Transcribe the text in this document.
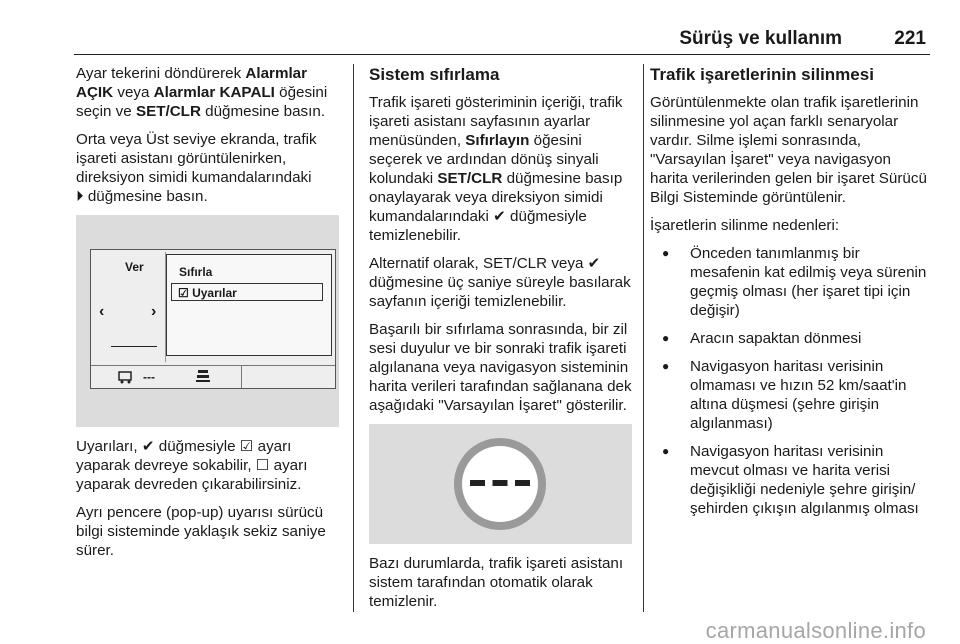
Sürüş ve kullanım	221

Ayar tekerini döndürerek Alarmlar AÇIK veya Alarmlar KAPALI öğesini seçin ve SET/CLR düğmesine basın.

Orta veya Üst seviye ekranda, trafik işareti asistanı görüntülenirken, direksiyon simidi kumandalarındaki
⏵ düğmesine basın.

‹
Ver
›
Sıfırla
☑ Uyarılar
---

Uyarıları, ✔ düğmesiyle ☑ ayarı yaparak devreye sokabilir, ☐ ayarı yaparak devreden çıkarabilirsiniz.

Ayrı pencere (pop-up) uyarısı sürücü bilgi sisteminde yaklaşık sekiz saniye sürer.

Sistem sıfırlama

Trafik işareti gösteriminin içeriği, trafik işareti asistanı sayfasının ayarlar menüsünden, Sıfırlayın öğesini seçerek ve ardından dönüş sinyali kolundaki SET/CLR düğmesine basıp onaylayarak veya direksiyon simidi kumandalarındaki ✔ düğmesiyle temizlenebilir.

Alternatif olarak, SET/CLR veya ✔ düğmesine üç saniye süreyle basılarak sayfanın içeriği temizlenebilir.

Başarılı bir sıfırlama sonrasında, bir zil sesi duyulur ve bir sonraki trafik işareti algılanana veya navigasyon sisteminin harita verileri tarafından sağlanana dek aşağıdaki "Varsayılan İşaret" gösterilir.

Bazı durumlarda, trafik işareti asistanı sistem tarafından otomatik olarak temizlenir.

Trafik işaretlerinin silinmesi

Görüntülenmekte olan trafik işaretlerinin silinmesine yol açan farklı senaryolar vardır. Silme işlemi sonrasında, "Varsayılan İşaret" veya navigasyon harita verilerinden gelen bir işaret Sürücü Bilgi Sisteminde görüntülenir.

İşaretlerin silinme nedenleri:

● Önceden tanımlanmış bir mesafenin kat edilmiş veya sürenin geçmiş olması (her işaret tipi için değişir)
● Aracın sapaktan dönmesi
● Navigasyon haritası verisinin olmaması ve hızın 52 km/saat'in altına düşmesi (şehre girişin algılanması)
● Navigasyon haritası verisinin mevcut olması ve harita verisi değişikliği nedeniyle şehre girişin/şehirden çıkışın algılanmış olması
carmanualsonline.info
